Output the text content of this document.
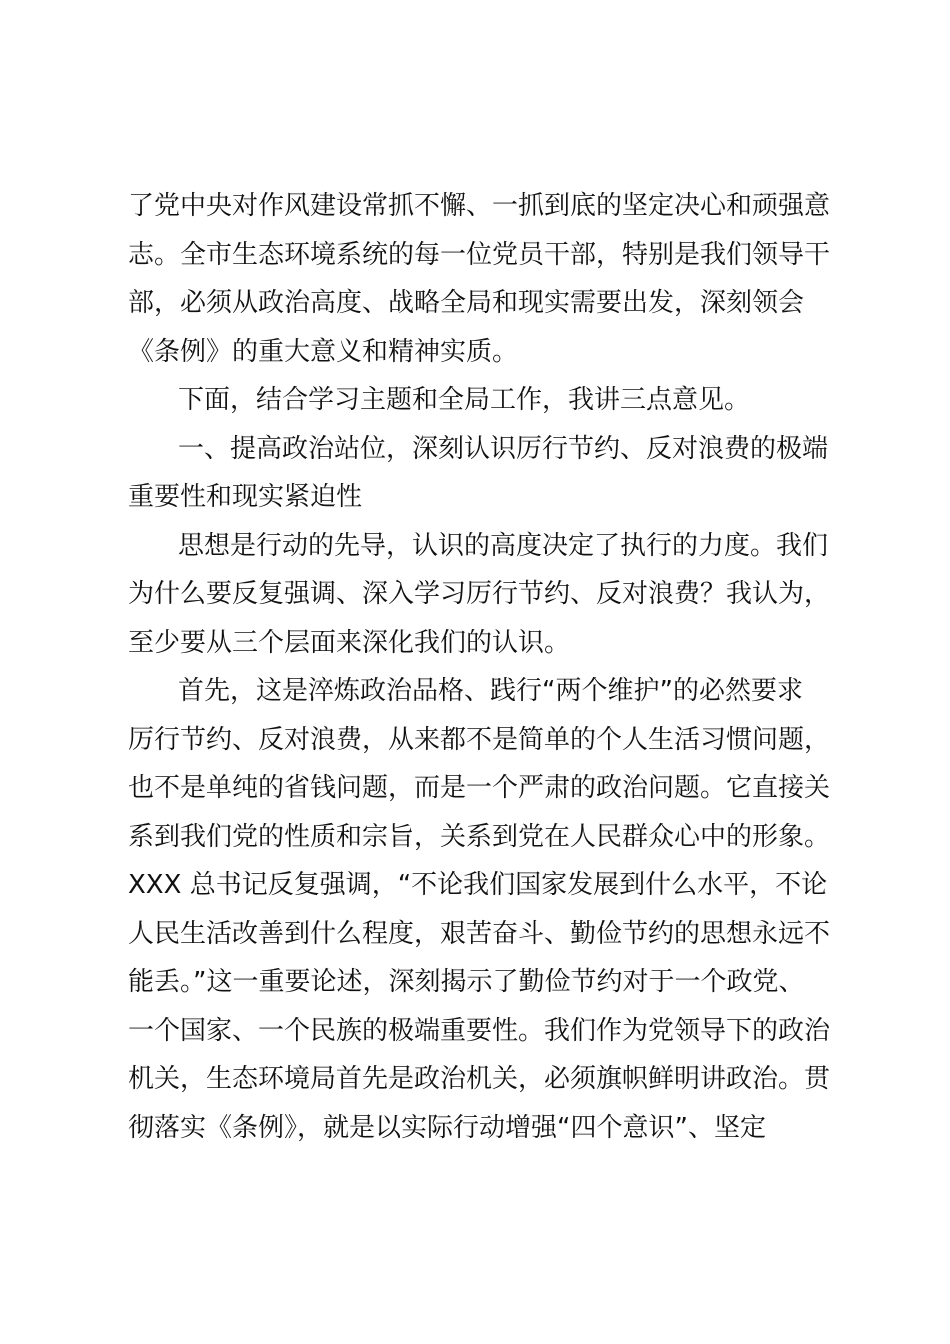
了党中央对作风建设常抓不懈、一抓到底的坚定决心和顽强意
志。全市生态环境系统的每一位党员干部，特别是我们领导干
部，必须从政治高度、战略全局和现实需要出发，深刻领会
《条例》的重大意义和精神实质。
下面，结合学习主题和全局工作，我讲三点意见。
一、提高政治站位，深刻认识厉行节约、反对浪费的极端
重要性和现实紧迫性
思想是行动的先导，认识的高度决定了执行的力度。我们
为什么要反复强调、深入学习厉行节约、反对浪费？我认为，
至少要从三个层面来深化我们的认识。
首先，这是淬炼政治品格、践行“两个维护”的必然要求
厉行节约、反对浪费，从来都不是简单的个人生活习惯问题，
也不是单纯的省钱问题，而是一个严肃的政治问题。它直接关
系到我们党的性质和宗旨，关系到党在人民群众心中的形象。
XXX 总书记反复强调，“不论我们国家发展到什么水平，不论
人民生活改善到什么程度，艰苦奋斗、勤俭节约的思想永远不
能丢。”这一重要论述，深刻揭示了勤俭节约对于一个政党、
一个国家、一个民族的极端重要性。我们作为党领导下的政治
机关，生态环境局首先是政治机关，必须旗帜鲜明讲政治。贯
彻落实《条例》，就是以实际行动增强“四个意识”、坚定
